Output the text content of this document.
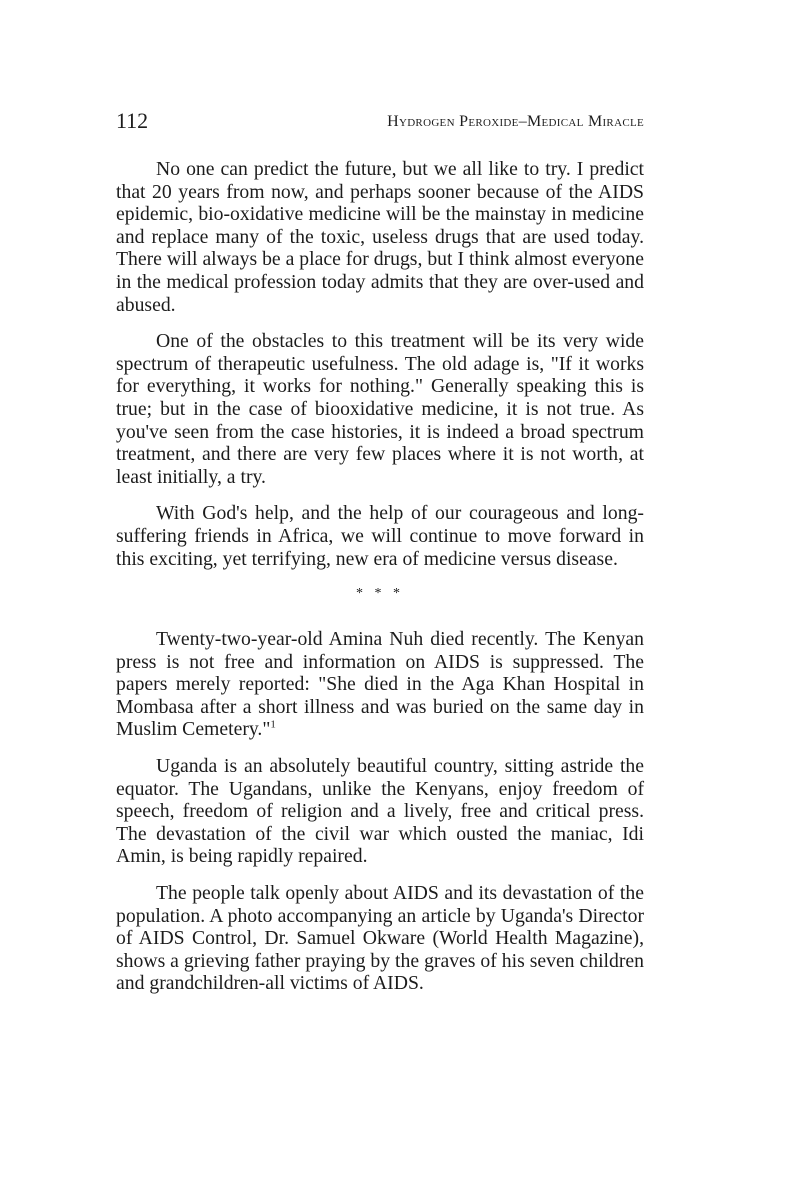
112	Hydrogen Peroxide–Medical Miracle

No one can predict the future, but we all like to try. I predict that 20 years from now, and perhaps sooner because of the AIDS epidemic, bio-oxidative medicine will be the mainstay in medicine and replace many of the toxic, useless drugs that are used today. There will always be a place for drugs, but I think almost everyone in the medical profession today admits that they are over-used and abused.

One of the obstacles to this treatment will be its very wide spectrum of therapeutic usefulness. The old adage is, "If it works for everything, it works for nothing." Generally speaking this is true; but in the case of biooxidative medicine, it is not true. As you've seen from the case histories, it is indeed a broad spectrum treatment, and there are very few places where it is not worth, at least initially, a try.

With God's help, and the help of our courageous and long-suffering friends in Africa, we will continue to move forward in this exciting, yet terrifying, new era of medicine versus disease.

* * *

Twenty-two-year-old Amina Nuh died recently. The Kenyan press is not free and information on AIDS is suppressed. The papers merely reported: "She died in the Aga Khan Hospital in Mombasa after a short illness and was buried on the same day in Muslim Cemetery."$^1$

Uganda is an absolutely beautiful country, sitting astride the equator. The Ugandans, unlike the Kenyans, enjoy freedom of speech, freedom of religion and a lively, free and critical press. The devastation of the civil war which ousted the maniac, Idi Amin, is being rapidly repaired.

The people talk openly about AIDS and its devastation of the population. A photo accompanying an article by Uganda's Director of AIDS Control, Dr. Samuel Okware (World Health Magazine), shows a grieving father praying by the graves of his seven children and grandchildren-all victims of AIDS.
